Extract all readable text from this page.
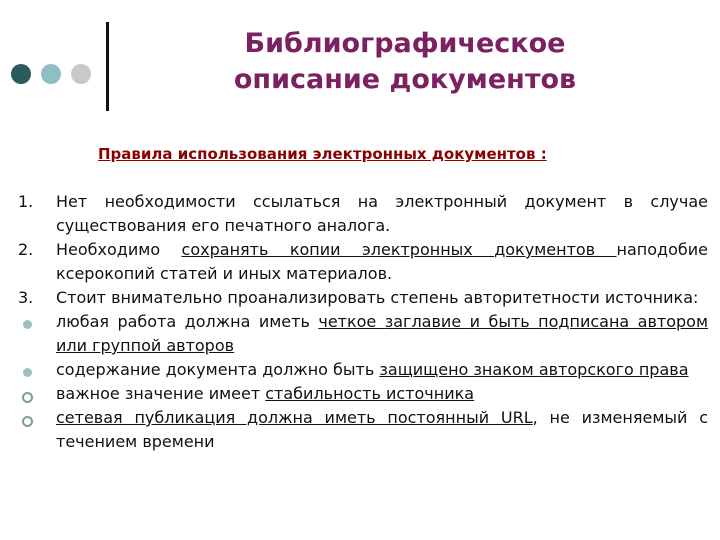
Библиографическое
описание документов
Правила использования электронных документов :
1.	Нет необходимости ссылаться на электронный документ в случае существования его печатного аналога.
2.	Необходимо сохранять копии электронных документов наподобие ксерокопий статей и иных материалов.
3.	Стоит внимательно проанализировать степень авторитетности источника:
любая работа должна иметь четкое заглавие и быть подписана автором или группой авторов
содержание документа должно быть защищено знаком авторского права
важное значение имеет стабильность источника
сетевая публикация должна иметь постоянный URL, не изменяемый с течением времени
